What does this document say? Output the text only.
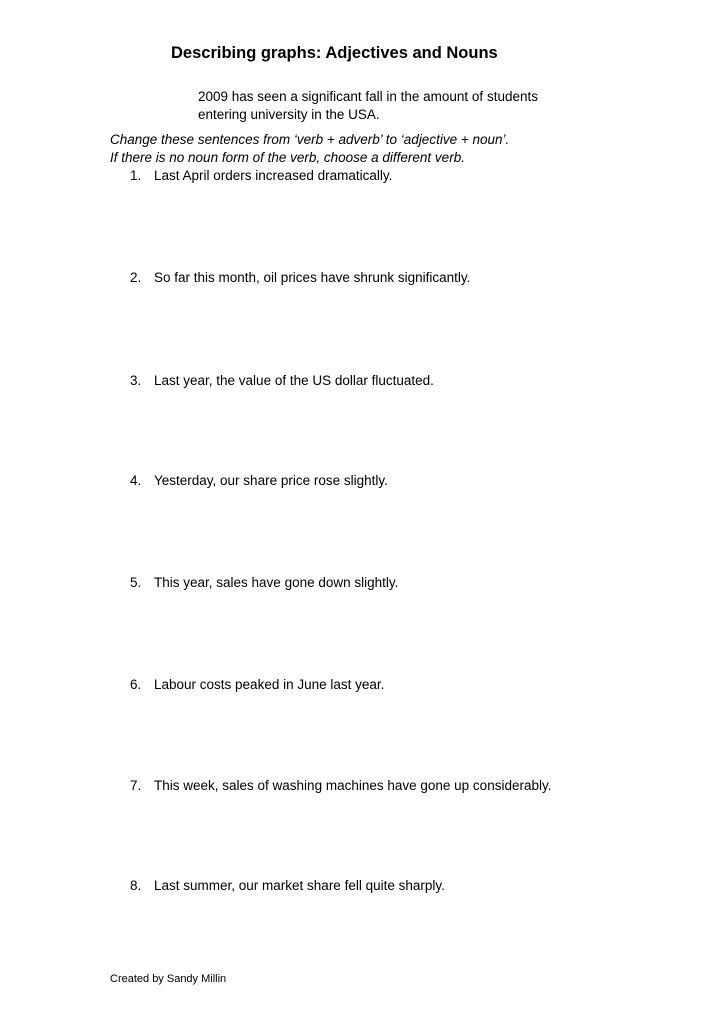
Describing graphs: Adjectives and Nouns
2009 has seen a significant fall in the amount of students
entering university in the USA.
Change these sentences from ‘verb + adverb’ to ‘adjective + noun’.
If there is no noun form of the verb, choose a different verb.
1. Last April orders increased dramatically.
2. So far this month, oil prices have shrunk significantly.
3. Last year, the value of the US dollar fluctuated.
4. Yesterday, our share price rose slightly.
5. This year, sales have gone down slightly.
6. Labour costs peaked in June last year.
7. This week, sales of washing machines have gone up considerably.
8. Last summer, our market share fell quite sharply.
Created by Sandy Millin
